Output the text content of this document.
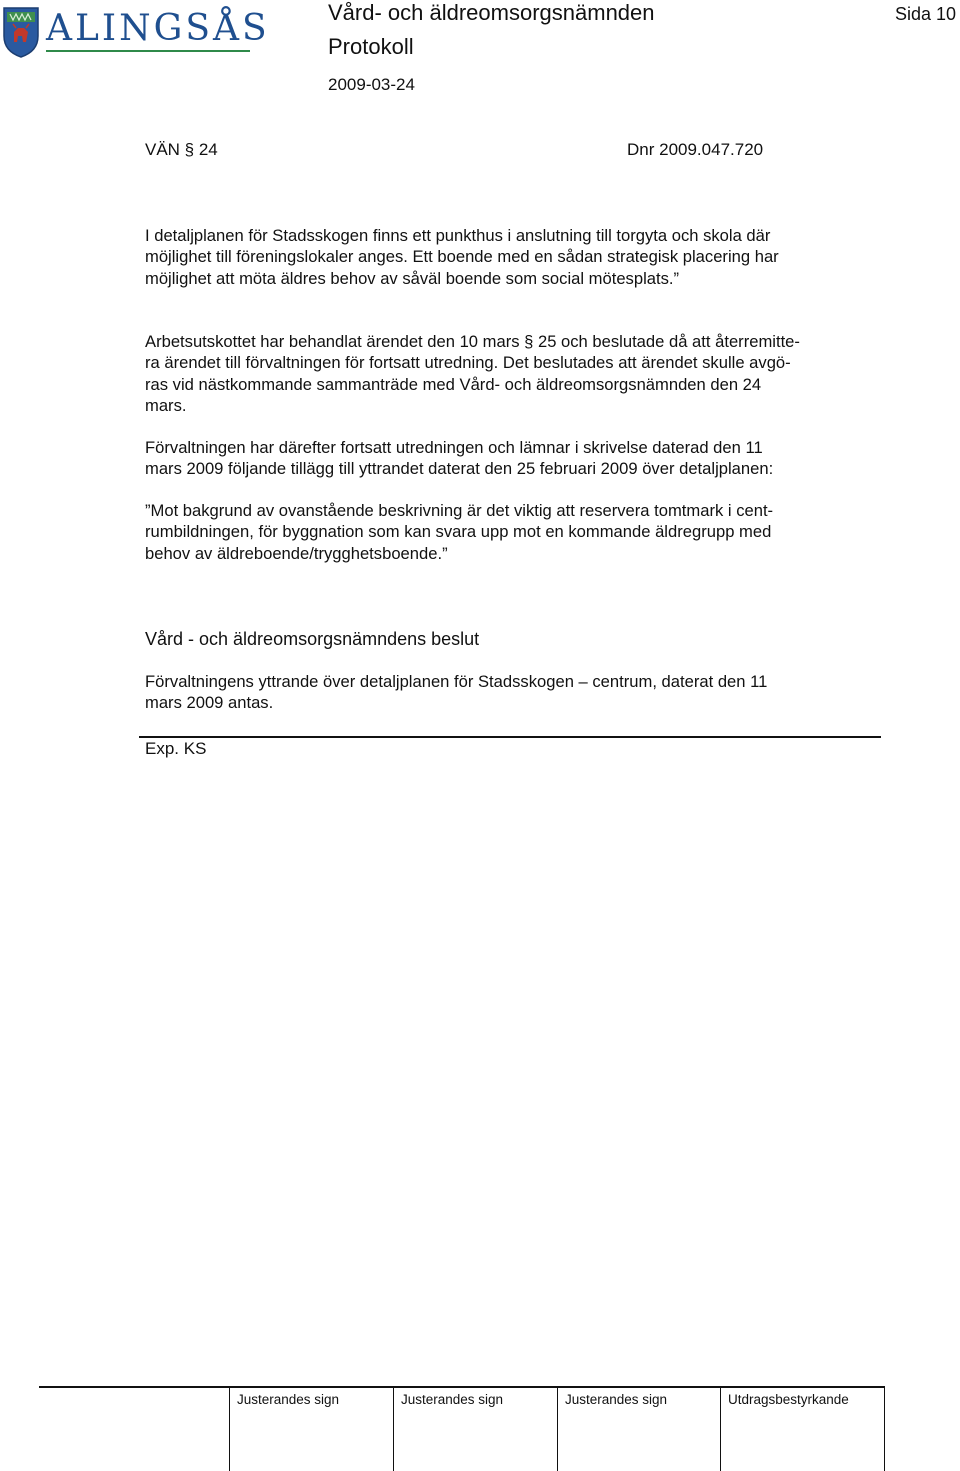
ALINGSÅS	Vård- och äldreomsorgsnämnden
Protokoll
2009-03-24
Sida 10
VÄN § 24	Dnr 2009.047.720
I detaljplanen för Stadsskogen finns ett punkthus i anslutning till torgyta och skola där
möjlighet till föreningslokaler anges. Ett boende med en sådan strategisk placering har
möjlighet att möta äldres behov av såväl boende som social mötesplats.”
Arbetsutskottet har behandlat ärendet den 10 mars § 25 och beslutade då att återremitte-
ra ärendet till förvaltningen för fortsatt utredning. Det beslutades att ärendet skulle avgö-
ras vid nästkommande sammanträde med Vård- och äldreomsorgsnämnden den 24
mars.
Förvaltningen har därefter fortsatt utredningen och lämnar i skrivelse daterad den 11
mars 2009 följande tillägg till yttrandet daterat den 25 februari 2009 över detaljplanen:
”Mot bakgrund av ovanstående beskrivning är det viktig att reservera tomtmark i cent-
rumbildningen, för byggnation som kan svara upp mot en kommande äldregrupp med
behov av äldreboende/trygghetsboende.”
Vård - och äldreomsorgsnämndens beslut
Förvaltningens yttrande över detaljplanen för Stadsskogen – centrum, daterat den 11
mars 2009 antas.
Exp. KS
Justerandes sign	Justerandes sign	Justerandes sign	Utdragsbestyrkande
